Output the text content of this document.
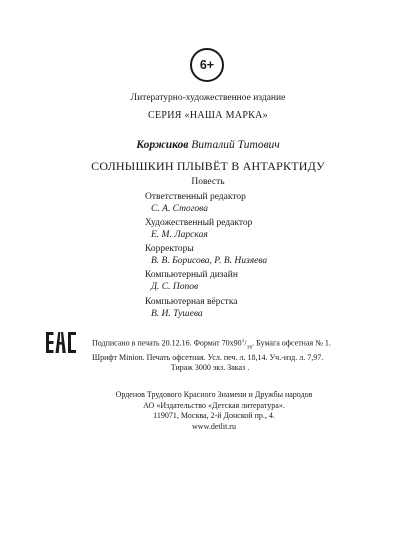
6+
Литературно-художественное издание
СЕРИЯ «НАША МАРКА»
Коржиков Виталий Титович
СОЛНЫШКИН ПЛЫВЁТ В АНТАРКТИДУ
Повесть
Ответственный редактор
С. А. Стогова
Художественный редактор
Е. М. Ларская
Корректоры
В. В. Борисова, Р. В. Низяева
Компьютерный дизайн
Д. С. Попов
Компьютерная вёрстка
В. И. Тушева
Подписано в печать 20.12.16. Формат $70х90^1/_{16}$. Бумага офсетная № 1.
Шрифт Minion. Печать офсетная. Усл. печ. л. 18,14. Уч.-изд. л. 7,97.
Тираж 3000 экз. Заказ .
Орденов Трудового Красного Знамени и Дружбы народов
АО «Издательство «Детская литература».
119071, Москва, 2-й Донской пр., 4.
www.detlit.ru
